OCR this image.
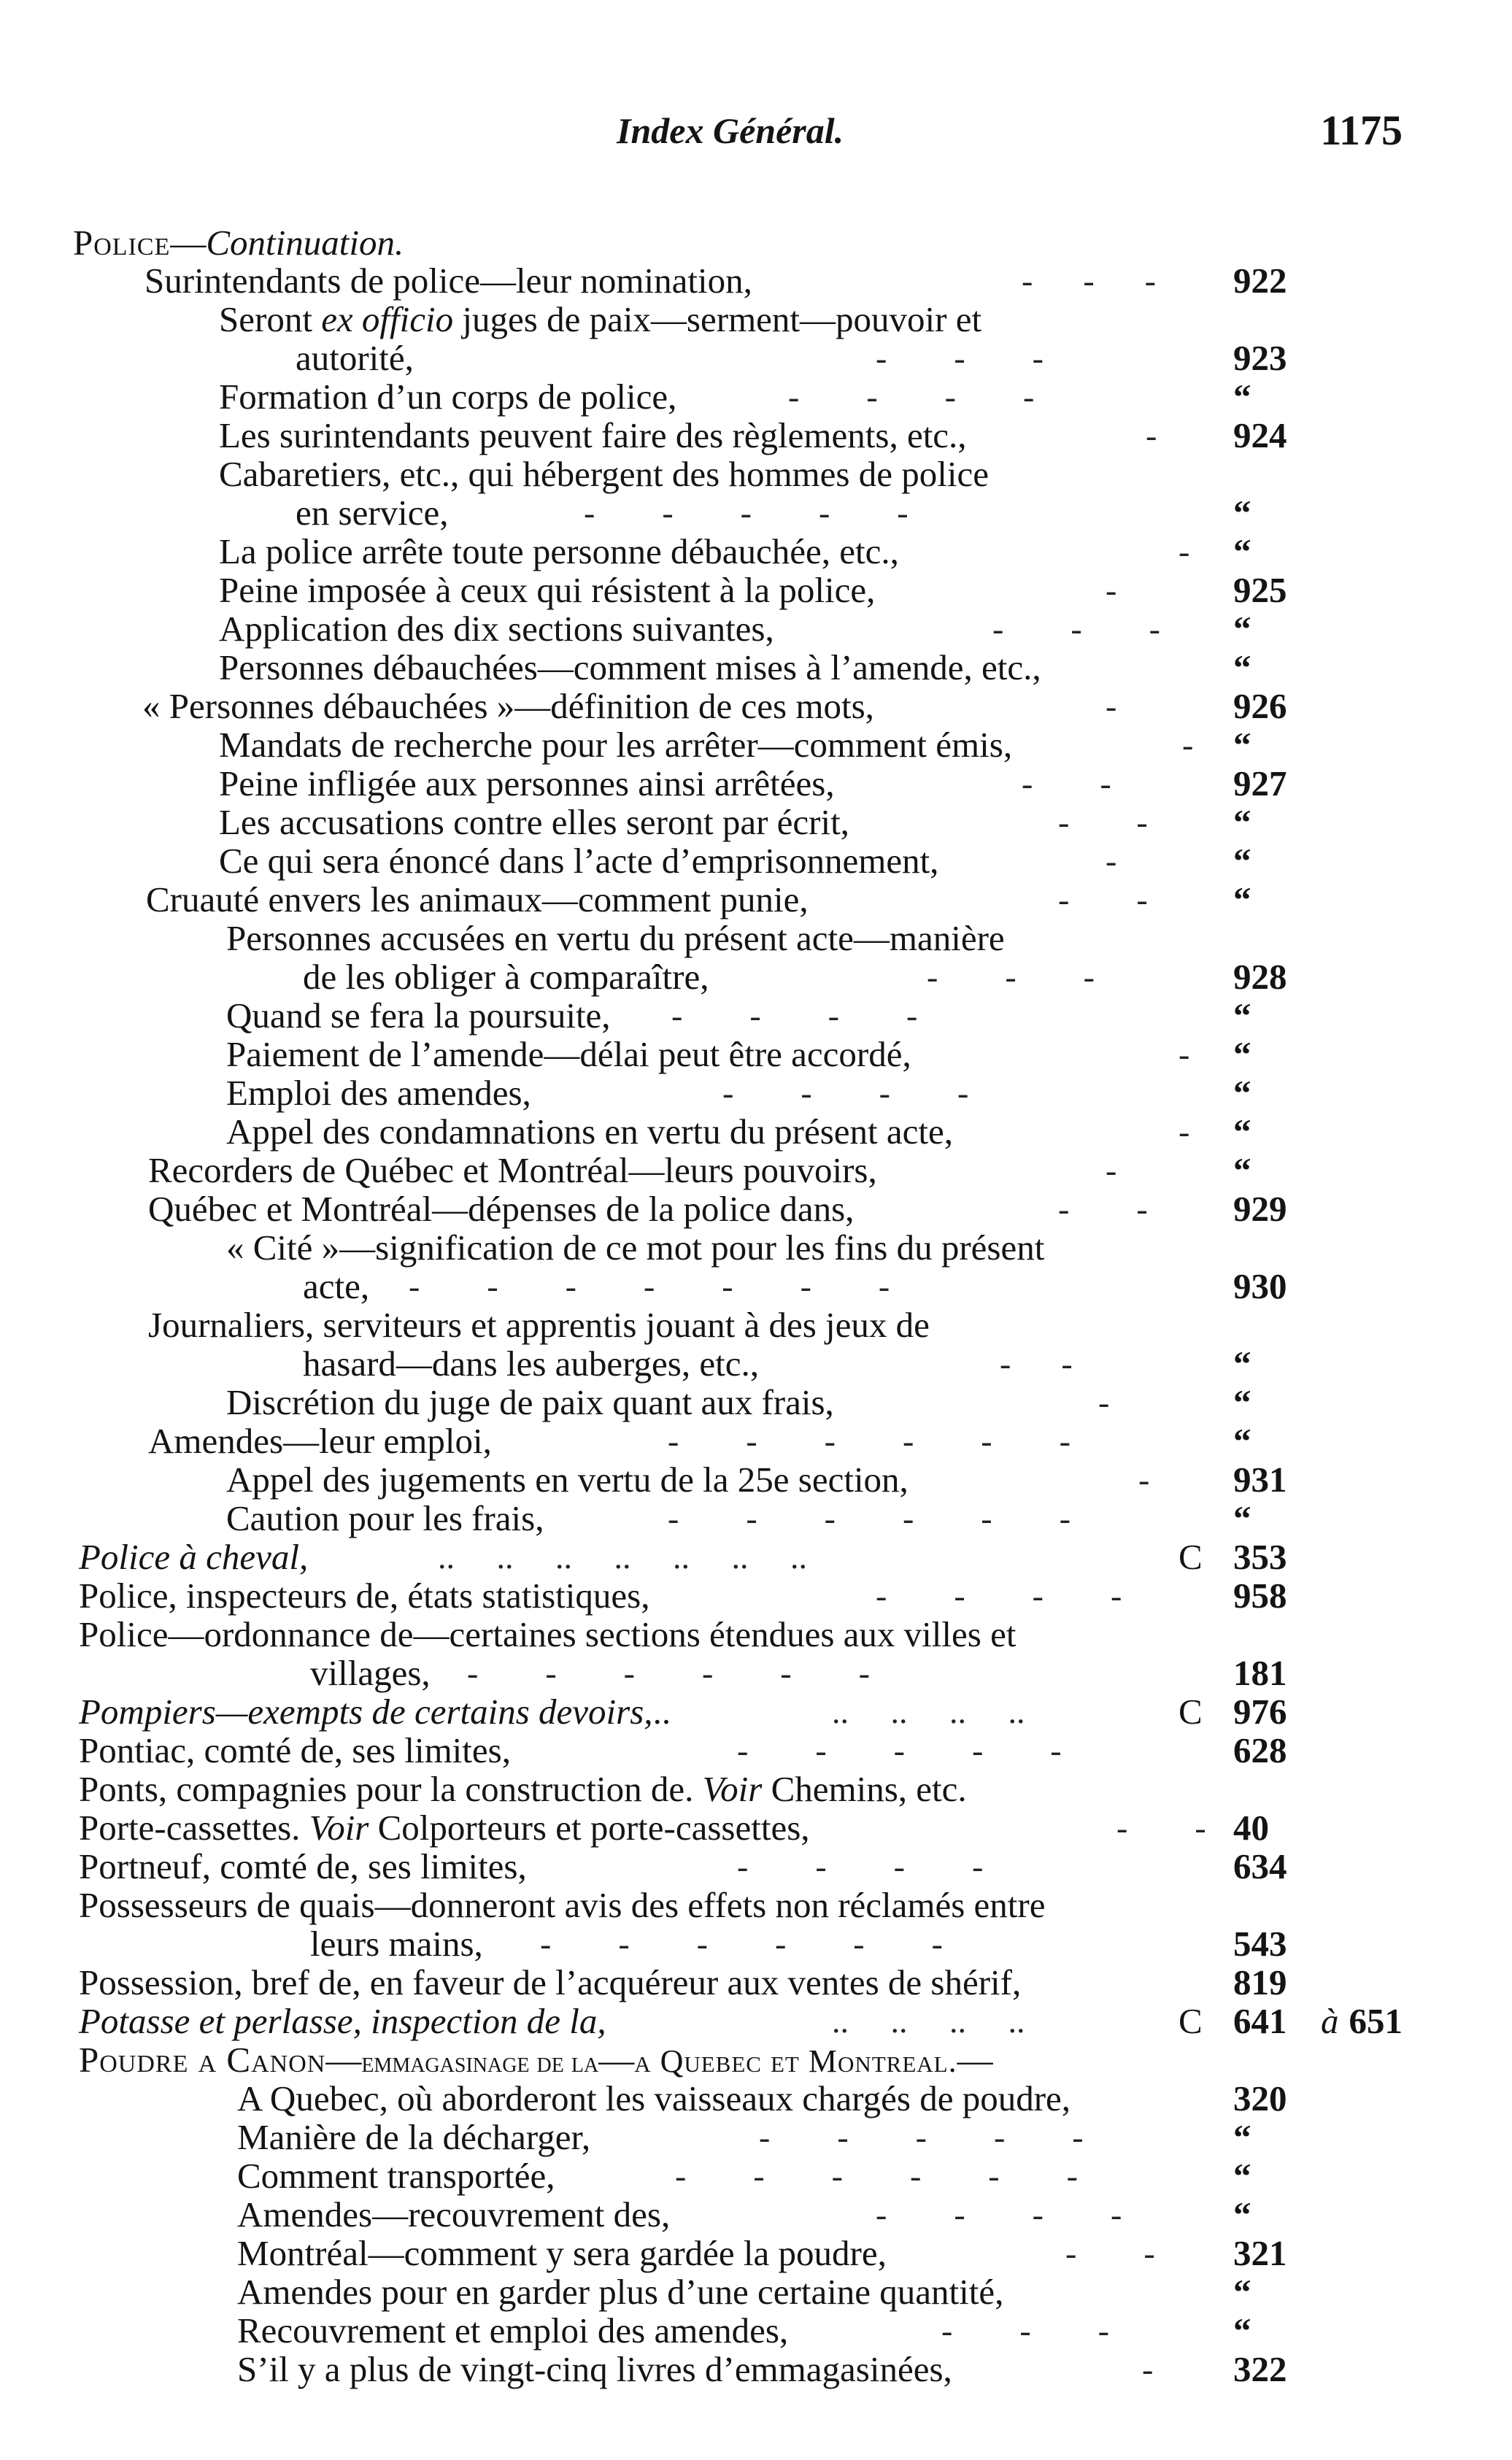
Index Général.	1175
Police—Continuation.
Surintendants de police—leur nomination,	-      -      - 922
Seront ex officio juges de paix—serment—pouvoir et
autorité,	-        -        -	923
Formation d’un corps de police,	-        -        -        -	“
Les surintendants peuvent faire des règlements, etc.,	- 924
Cabaretiers, etc., qui hébergent des hommes de police
en service,	-        -        -        -        -	“
La police arrête toute personne débauchée, etc.,	- “
Peine imposée à ceux qui résistent à la police,	-	925
Application des dix sections suivantes,	-        -        - “
Personnes débauchées—comment mises à l’amende, etc.,	“
« Personnes débauchées »—définition de ces mots,	-	926
Mandats de recherche pour les arrêter—comment émis,	- “
Peine infligée aux personnes ainsi arrêtées,	-        -	927
Les accusations contre elles seront par écrit,	-        - “
Ce qui sera énoncé dans l’acte d’emprisonnement,	-	“
Cruauté envers les animaux—comment punie,	-        - “
Personnes accusées en vertu du présent acte—manière
de les obliger à comparaître,	-        -        -	928
Quand se fera la poursuite, -        -        -        -	“
Paiement de l’amende—délai peut être accordé,	- “
Emploi des amendes,	-        -        -        -	“
Appel des condamnations en vertu du présent acte,	- “
Recorders de Québec et Montréal—leurs pouvoirs,	-	“
Québec et Montréal—dépenses de la police dans,	-        - 929
« Cité »—signification de ce mot pour les fins du présent
acte, -        -        -        -        -        -        -	930
Journaliers, serviteurs et apprentis jouant à des jeux de
hasard—dans les auberges, etc.,	-      -	“
Discrétion du juge de paix quant aux frais,	-	“
Amendes—leur emploi,	-        -        -        -        -        -	“
Appel des jugements en vertu de la 25e section,	- 931
Caution pour les frais,	-        -        -        -        -        -	“
Police à cheval,	..     ..     ..     ..     ..     ..     ..	C 353
Police, inspecteurs de, états statistiques,	-        -        -        -	958
Police—ordonnance de—certaines sections étendues aux villes et
villages, -        -        -        -        -        -	181
Pompiers—exempts de certains devoirs,..	..     ..     ..     ..	C 976
Pontiac, comté de, ses limites,	-        -        -        -        -	628
Ponts, compagnies pour la construction de. Voir Chemins, etc.
Porte-cassettes. Voir Colporteurs et porte-cassettes,	-        - 40
Portneuf, comté de, ses limites,	-        -        -        -	634
Possesseurs de quais—donneront avis des effets non réclamés entre
leurs mains, -        -        -        -        -        -	543
Possession, bref de, en faveur de l’acquéreur aux ventes de shérif,	819
Potasse et perlasse, inspection de la,	..     ..     ..     ..	C 641 à 651
Poudre a Canon—emmagasinage de la—a Quebec et Montreal.—
A Quebec, où aborderont les vaisseaux chargés de poudre,	320
Manière de la décharger,	-        -        -        -        -	“
Comment transportée,	-        -        -        -        -        -	“
Amendes—recouvrement des,	-        -        -        -	“
Montréal—comment y sera gardée la poudre,	-        - 321
Amendes pour en garder plus d’une certaine quantité,	“
Recouvrement et emploi des amendes,	-        -        -	“
S’il y a plus de vingt-cinq livres d’emmagasinées,	- 322
